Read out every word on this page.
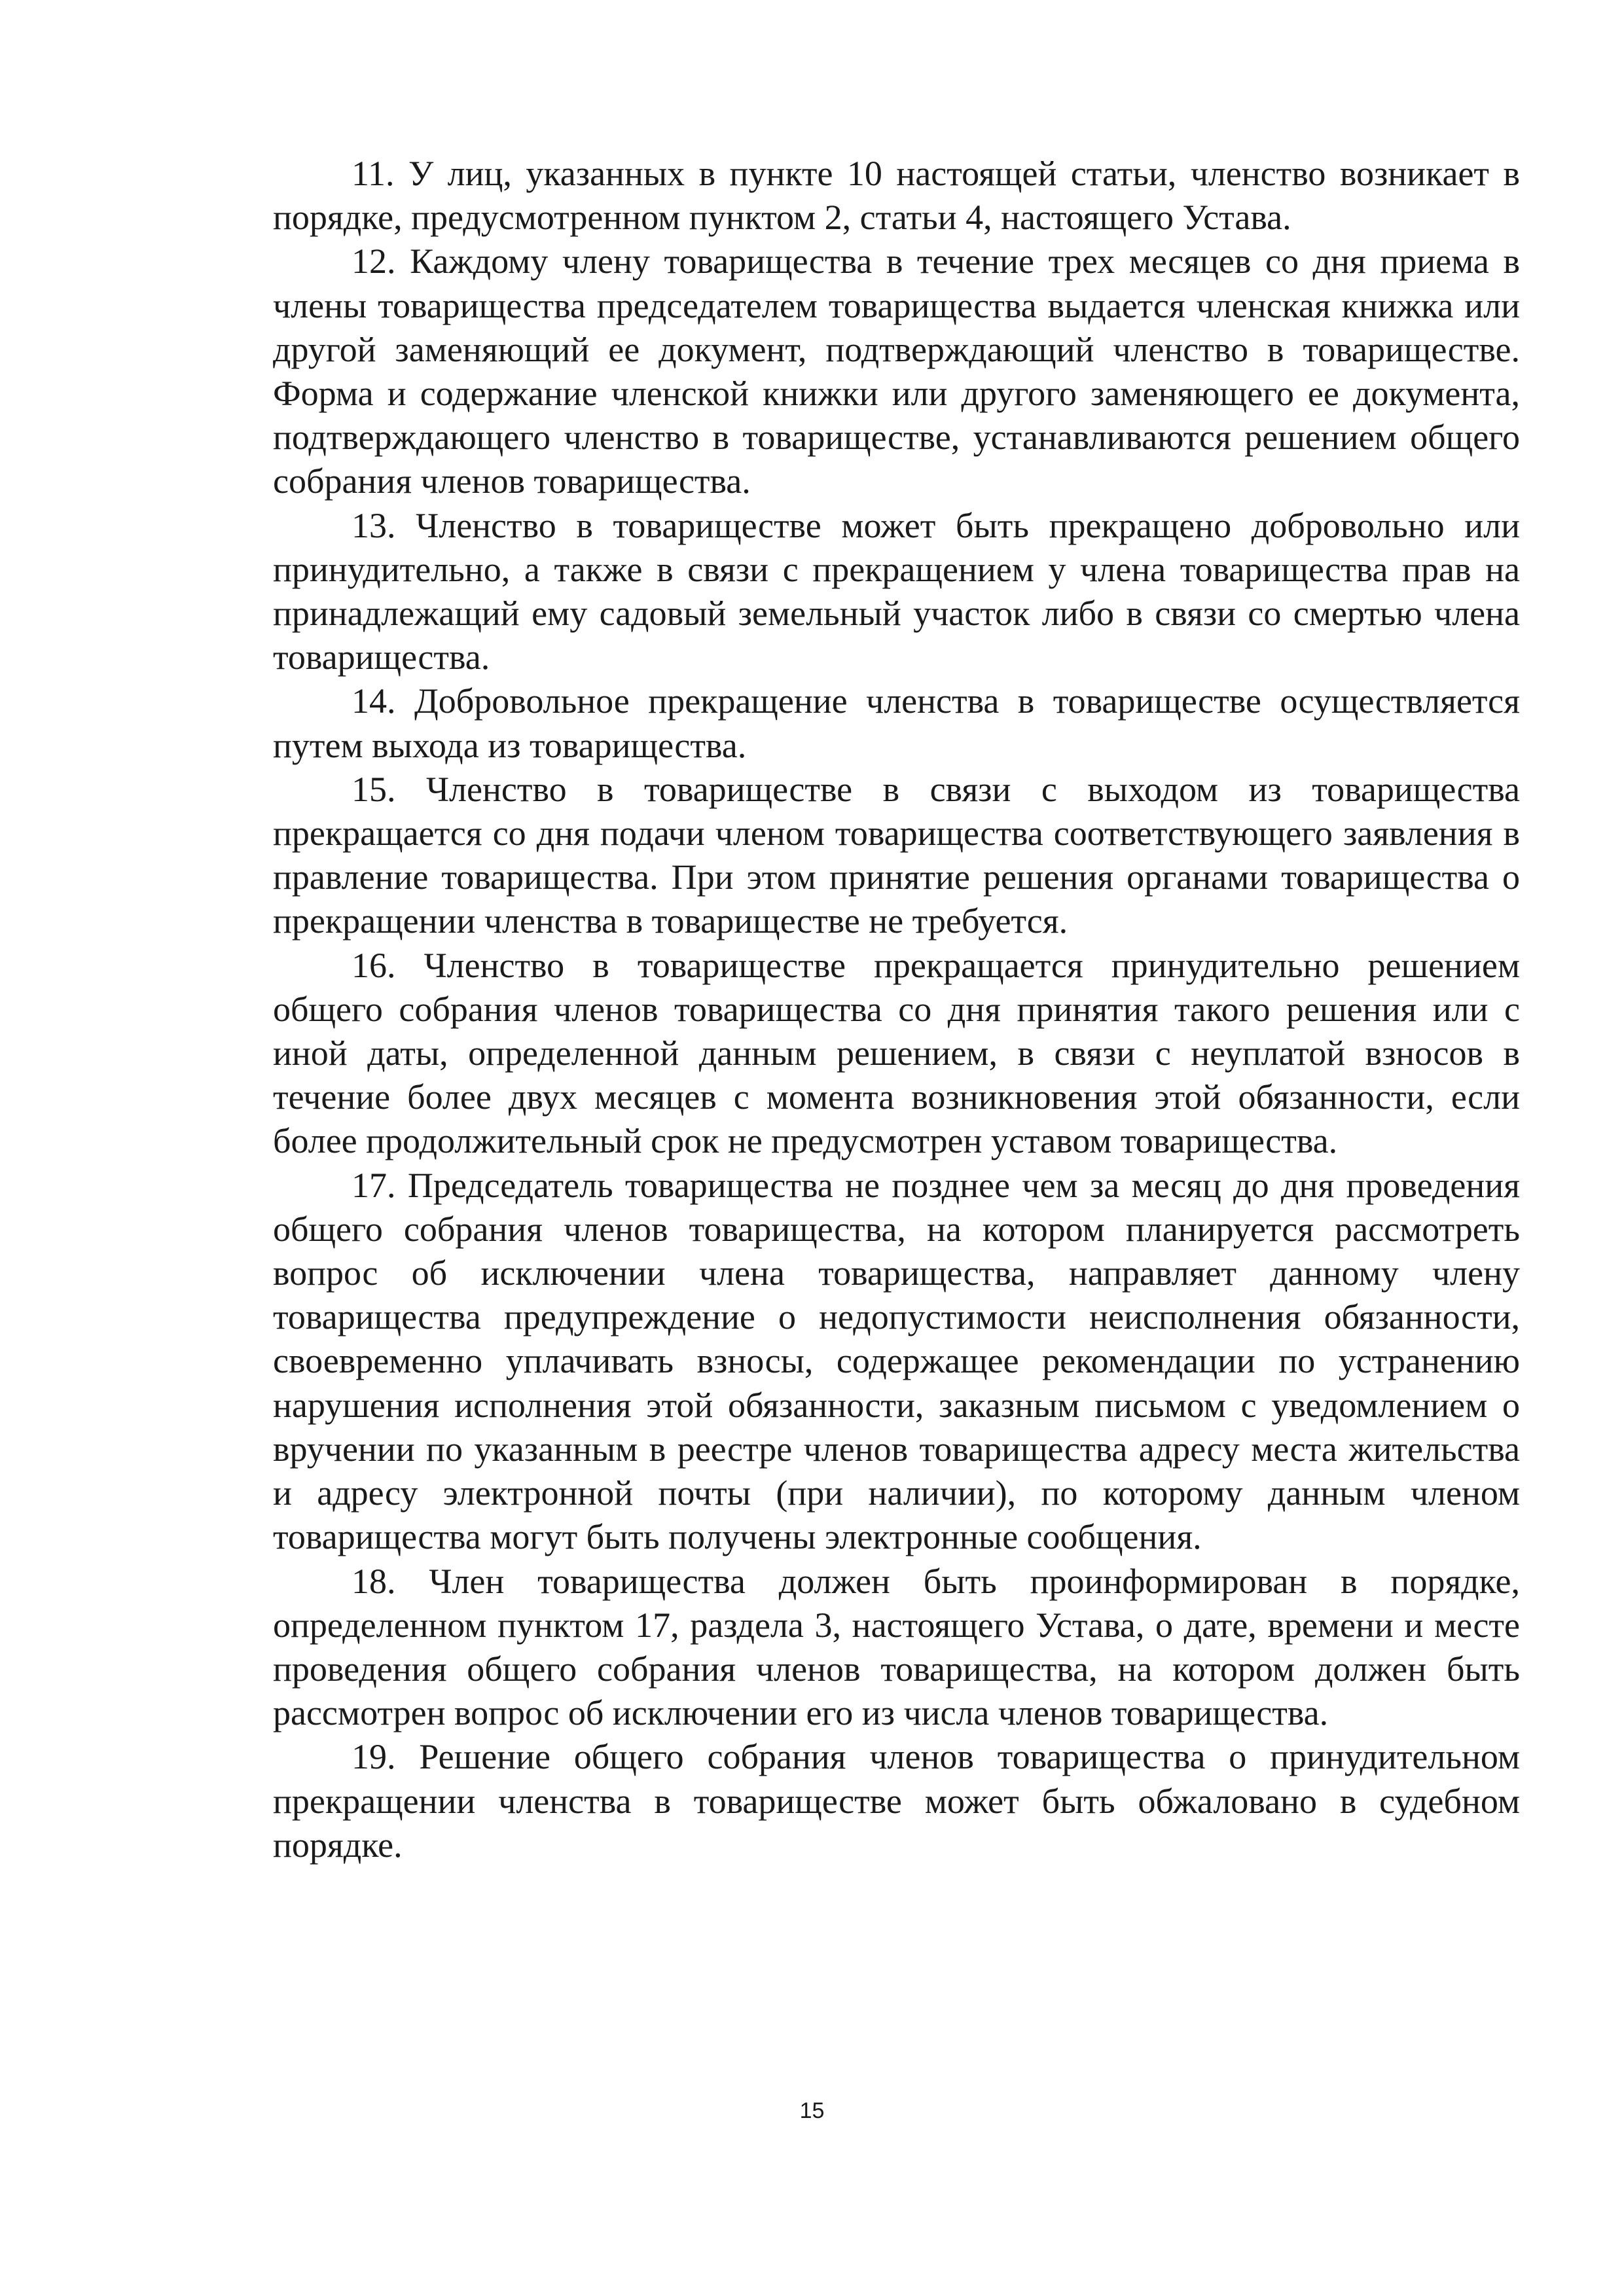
11. У лиц, указанных в пункте 10 настоящей статьи, членство возникает в порядке, предусмотренном пунктом 2, статьи 4, настоящего Устава.

12. Каждому члену товарищества в течение трех месяцев со дня приема в члены товарищества председателем товарищества выдается членская книжка или другой заменяющий ее документ, подтверждающий членство в товариществе. Форма и содержание членской книжки или другого заменяющего ее документа, подтверждающего членство в товариществе, устанавливаются решением общего собрания членов товарищества.

13. Членство в товариществе может быть прекращено добровольно или принудительно, а также в связи с прекращением у члена товарищества прав на принадлежащий ему садовый земельный участок либо в связи со смертью члена товарищества.

14. Добровольное прекращение членства в товариществе осуществляется путем выхода из товарищества.

15. Членство в товариществе в связи с выходом из товарищества прекращается со дня подачи членом товарищества соответствующего заявления в правление товарищества. При этом принятие решения органами товарищества о прекращении членства в товариществе не требуется.

16. Членство в товариществе прекращается принудительно решением общего собрания членов товарищества со дня принятия такого решения или с иной даты, определенной данным решением, в связи с неуплатой взносов в течение более двух месяцев с момента возникновения этой обязанности, если более продолжительный срок не предусмотрен уставом товарищества.

17. Председатель товарищества не позднее чем за месяц до дня проведения общего собрания членов товарищества, на котором планируется рассмотреть вопрос об исключении члена товарищества, направляет данному члену товарищества предупреждение о недопустимости неисполнения обязанности, своевременно уплачивать взносы, содержащее рекомендации по устранению нарушения исполнения этой обязанности, заказным письмом с уведомлением о вручении по указанным в реестре членов товарищества адресу места жительства и адресу электронной почты (при наличии), по которому данным членом товарищества могут быть получены электронные сообщения.

18. Член товарищества должен быть проинформирован в порядке, определенном пунктом 17, раздела 3, настоящего Устава, о дате, времени и месте проведения общего собрания членов товарищества, на котором должен быть рассмотрен вопрос об исключении его из числа членов товарищества.

19. Решение общего собрания членов товарищества о принудительном прекращении членства в товариществе может быть обжаловано в судебном порядке.

15
